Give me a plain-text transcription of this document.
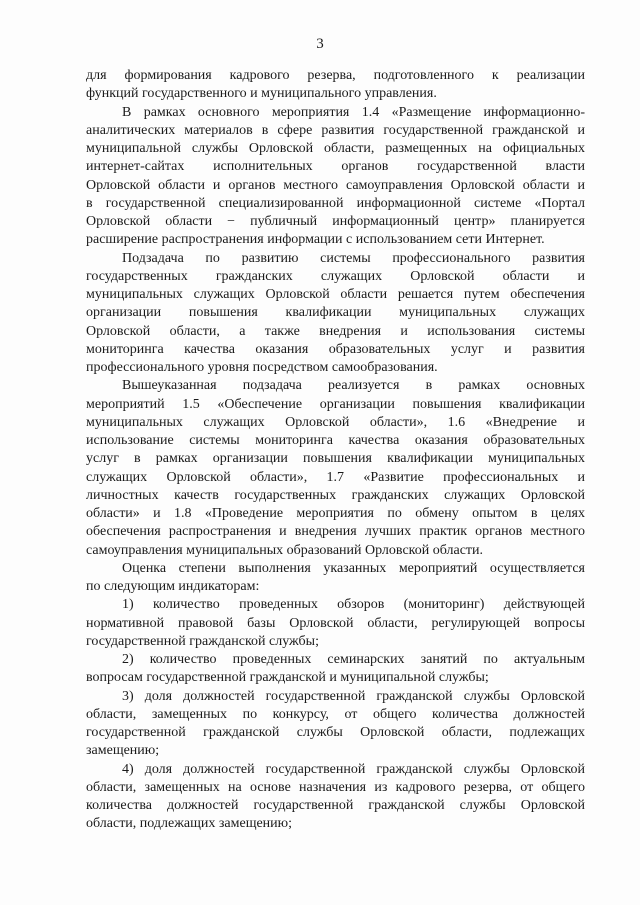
3
для формирования кадрового резерва, подготовленного к реализации
функций государственного и муниципального управления.
В рамках основного мероприятия 1.4 «Размещение информационно-
аналитических материалов в сфере развития государственной гражданской и
муниципальной службы Орловской области, размещенных на официальных
интернет-сайтах исполнительных органов государственной власти
Орловской области и органов местного самоуправления Орловской области и
в государственной специализированной информационной системе «Портал
Орловской области − публичный информационный центр» планируется
расширение распространения информации с использованием сети Интернет.
Подзадача по развитию системы профессионального развития
государственных гражданских служащих Орловской области и
муниципальных служащих Орловской области решается путем обеспечения
организации повышения квалификации муниципальных служащих
Орловской области, а также внедрения и использования системы
мониторинга качества оказания образовательных услуг и развития
профессионального уровня посредством самообразования.
Вышеуказанная подзадача реализуется в рамках основных
мероприятий 1.5 «Обеспечение организации повышения квалификации
муниципальных служащих Орловской области», 1.6 «Внедрение и
использование системы мониторинга качества оказания образовательных
услуг в рамках организации повышения квалификации муниципальных
служащих Орловской области», 1.7 «Развитие профессиональных и
личностных качеств государственных гражданских служащих Орловской
области» и 1.8 «Проведение мероприятия по обмену опытом в целях
обеспечения распространения и внедрения лучших практик органов местного
самоуправления муниципальных образований Орловской области.
Оценка степени выполнения указанных мероприятий осуществляется
по следующим индикаторам:
1) количество проведенных обзоров (мониторинг) действующей
нормативной правовой базы Орловской области, регулирующей вопросы
государственной гражданской службы;
2) количество проведенных семинарских занятий по актуальным
вопросам государственной гражданской и муниципальной службы;
3) доля должностей государственной гражданской службы Орловской
области, замещенных по конкурсу, от общего количества должностей
государственной гражданской службы Орловской области, подлежащих
замещению;
4) доля должностей государственной гражданской службы Орловской
области, замещенных на основе назначения из кадрового резерва, от общего
количества должностей государственной гражданской службы Орловской
области, подлежащих замещению;
